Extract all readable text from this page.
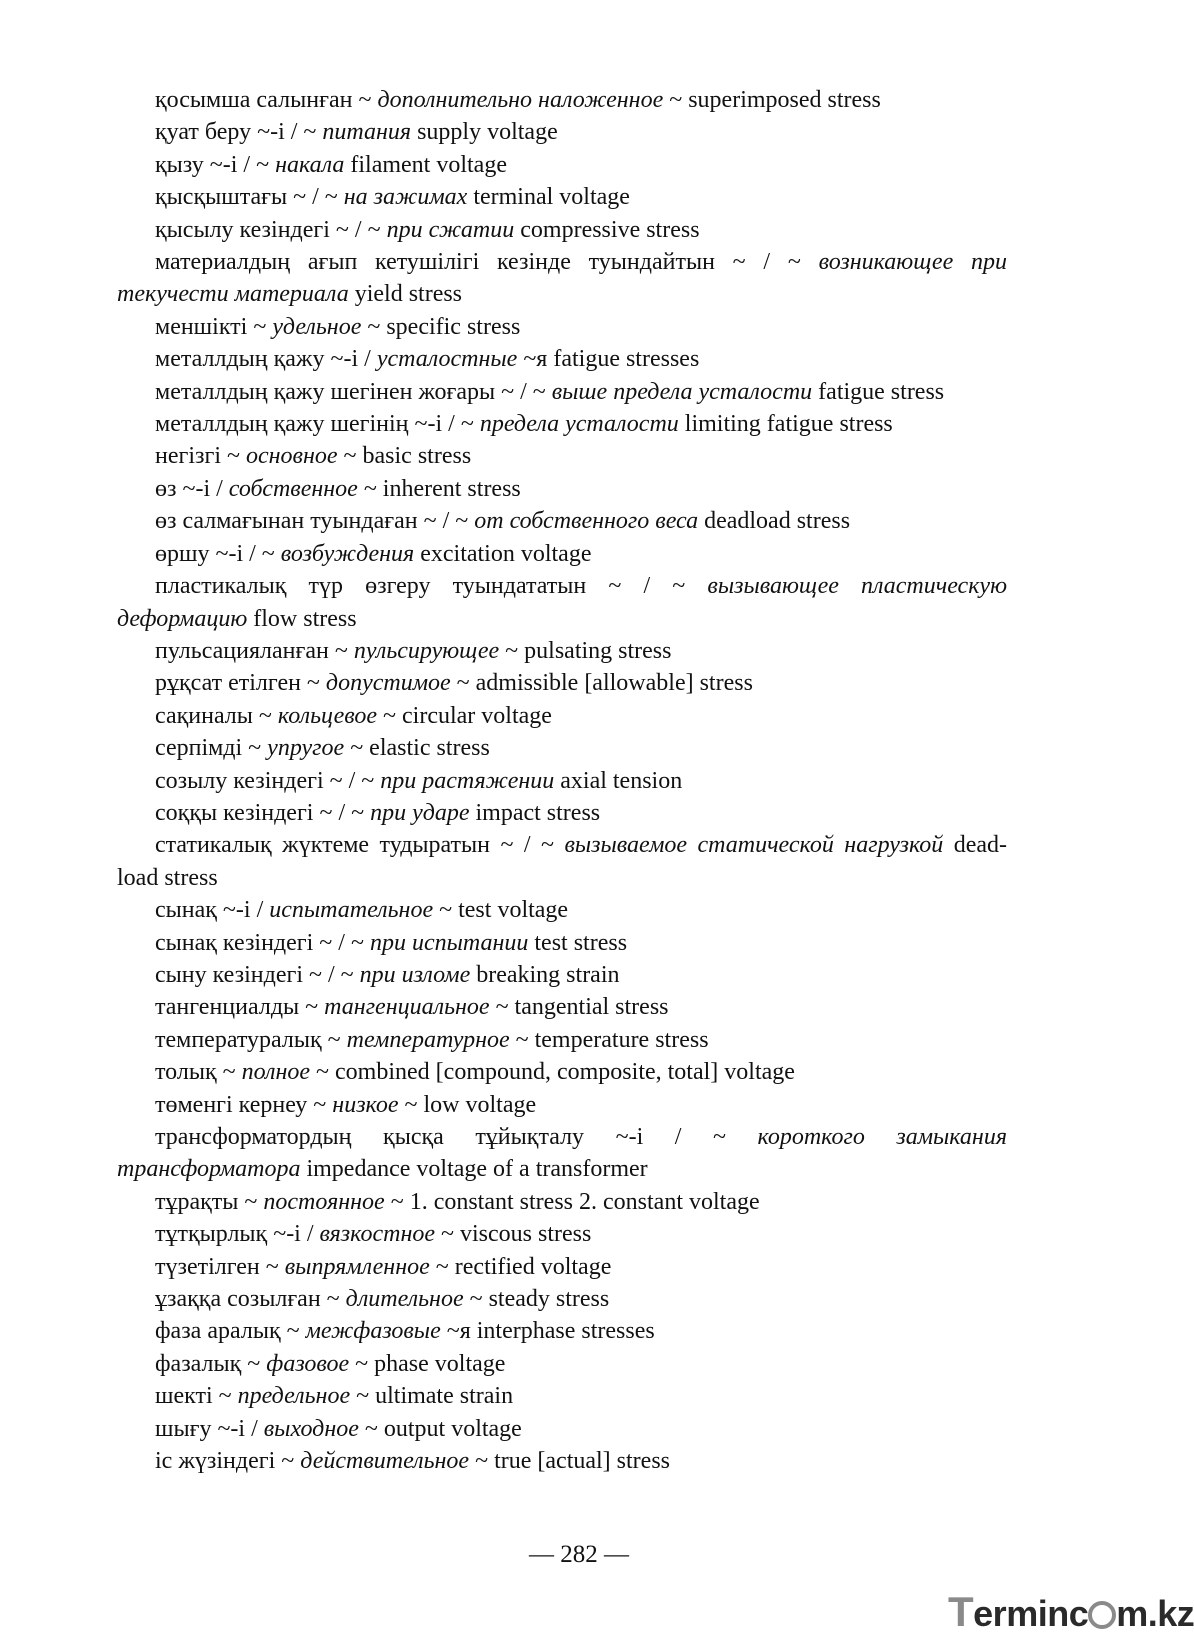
қосымша салынған ~ дополнительно наложенное ~ superimposed stress

қуат беру ~-і / ~ питания supply voltage

қызу ~-і / ~ накала filament voltage

қысқыштағы ~ / ~ на зажимах terminal voltage

қысылу кезіндегі ~ / ~ при сжатии compressive stress

материалдың ағып кетушілігі кезінде туындайтын ~ / ~ возникающее при текучести материала yield stress

меншікті ~ удельное ~ specific stress

металлдың қажу ~-і / усталостные ~я fatigue stresses

металлдың қажу шегінен жоғары ~ / ~ выше предела усталости fatigue stress

металлдың қажу шегінің ~-і / ~ предела усталости limiting fatigue stress

негізгі ~ основное ~ basic stress

өз ~-і / собственное ~ inherent stress

өз салмағынан туындаған ~ / ~ от собственного веса deadload stress

өршу ~-і / ~ возбуждения excitation voltage

пластикалық түр өзгеру туындататын ~ / ~ вызывающее пластическую деформацию flow stress

пульсацияланған ~ пульсирующее ~ pulsating stress

рұқсат етілген ~ допустимое ~ admissible [allowable] stress

сақиналы ~ кольцевое ~ circular voltage

серпімді ~ упругое ~ elastic stress

созылу кезіндегі ~ / ~ при растяжении axial tension

соққы кезіндегі ~ / ~ при ударе impact stress

статикалық жүктеме тудыратын ~ / ~ вызываемое статической нагрузкой dead-load stress

сынақ ~-і / испытательное ~ test voltage

сынақ кезіндегі ~ / ~ при испытании test stress

сыну кезіндегі ~ / ~ при изломе breaking strain

тангенциалды ~ тангенциальное ~ tangential stress

температуралық ~ температурное ~ temperature stress

толық ~ полное ~ combined [compound, composite, total] voltage

төменгі кернеу ~ низкое ~ low voltage

трансформатордың қысқа тұйықталу ~-і / ~ короткого замыкания трансформатора impedance voltage of a transformer

тұрақты ~ постоянное ~ 1. constant stress 2. constant voltage

тұтқырлық ~-і / вязкостное ~ viscous stress

түзетілген ~ выпрямленное ~ rectified voltage

ұзаққа созылған ~ длительное ~ steady stress

фаза аралық ~ межфазовые ~я interphase stresses

фазалық ~ фазовое ~ phase voltage

шекті ~ предельное ~ ultimate strain

шығу ~-і / выходное ~ output voltage

іс жүзіндегі ~ действительное ~ true [actual] stress

— 282 —
Terminc m.kz
